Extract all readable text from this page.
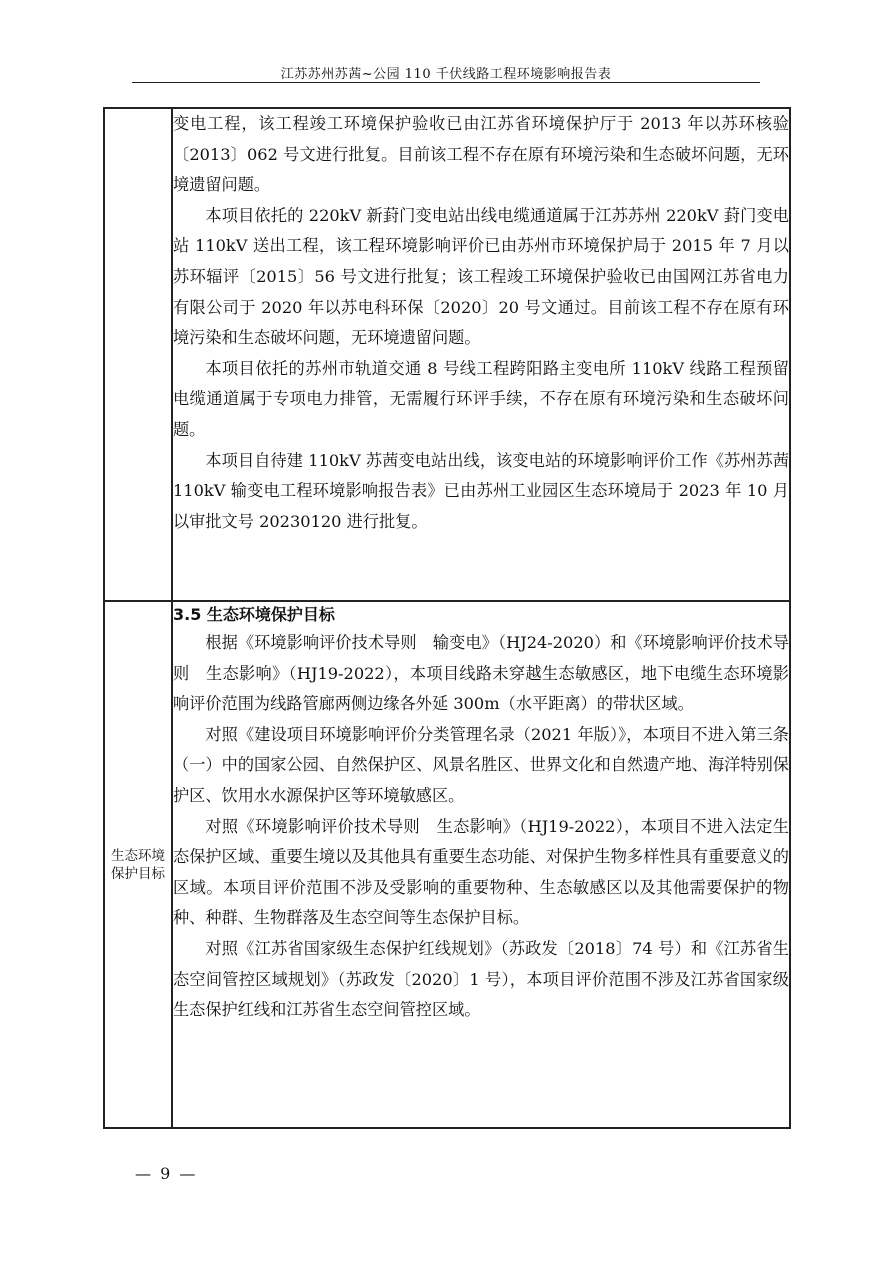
江苏苏州苏茜~公园 110 千伏线路工程环境影响报告表

	变电工程，该工程竣工环境保护验收已由江苏省环境保护厅于 2013 年以苏环核验〔2013〕062 号文进行批复。目前该工程不存在原有环境污染和生态破坏问题，无环境遗留问题。

本项目依托的 220kV 新葑门变电站出线电缆通道属于江苏苏州 220kV 葑门变电站 110kV 送出工程，该工程环境影响评价已由苏州市环境保护局于 2015 年 7 月以苏环辐评〔2015〕56 号文进行批复；该工程竣工环境保护验收已由国网江苏省电力有限公司于 2020 年以苏电科环保〔2020〕20 号文通过。目前该工程不存在原有环境污染和生态破坏问题，无环境遗留问题。

本项目依托的苏州市轨道交通 8 号线工程跨阳路主变电所 110kV 线路工程预留电缆通道属于专项电力排管，无需履行环评手续，不存在原有环境污染和生态破坏问题。

本项目自待建 110kV 苏茜变电站出线，该变电站的环境影响评价工作《苏州苏茜 110kV 输变电工程环境影响报告表》已由苏州工业园区生态环境局于 2023 年 10 月以审批文号 20230120 进行批复。

生态环境保护目标	3.5 生态环境保护目标

根据《环境影响评价技术导则　输变电》（HJ24-2020）和《环境影响评价技术导则　生态影响》（HJ19-2022），本项目线路未穿越生态敏感区，地下电缆生态环境影响评价范围为线路管廊两侧边缘各外延 300m（水平距离）的带状区域。

对照《建设项目环境影响评价分类管理名录（2021 年版）》，本项目不进入第三条（一）中的国家公园、自然保护区、风景名胜区、世界文化和自然遗产地、海洋特别保护区、饮用水水源保护区等环境敏感区。

对照《环境影响评价技术导则　生态影响》（HJ19-2022），本项目不进入法定生态保护区域、重要生境以及其他具有重要生态功能、对保护生物多样性具有重要意义的区域。本项目评价范围不涉及受影响的重要物种、生态敏感区以及其他需要保护的物种、种群、生物群落及生态空间等生态保护目标。

对照《江苏省国家级生态保护红线规划》（苏政发〔2018〕74 号）和《江苏省生态空间管控区域规划》（苏政发〔2020〕1 号），本项目评价范围不涉及江苏省国家级生态保护红线和江苏省生态空间管控区域。

— 9 —
